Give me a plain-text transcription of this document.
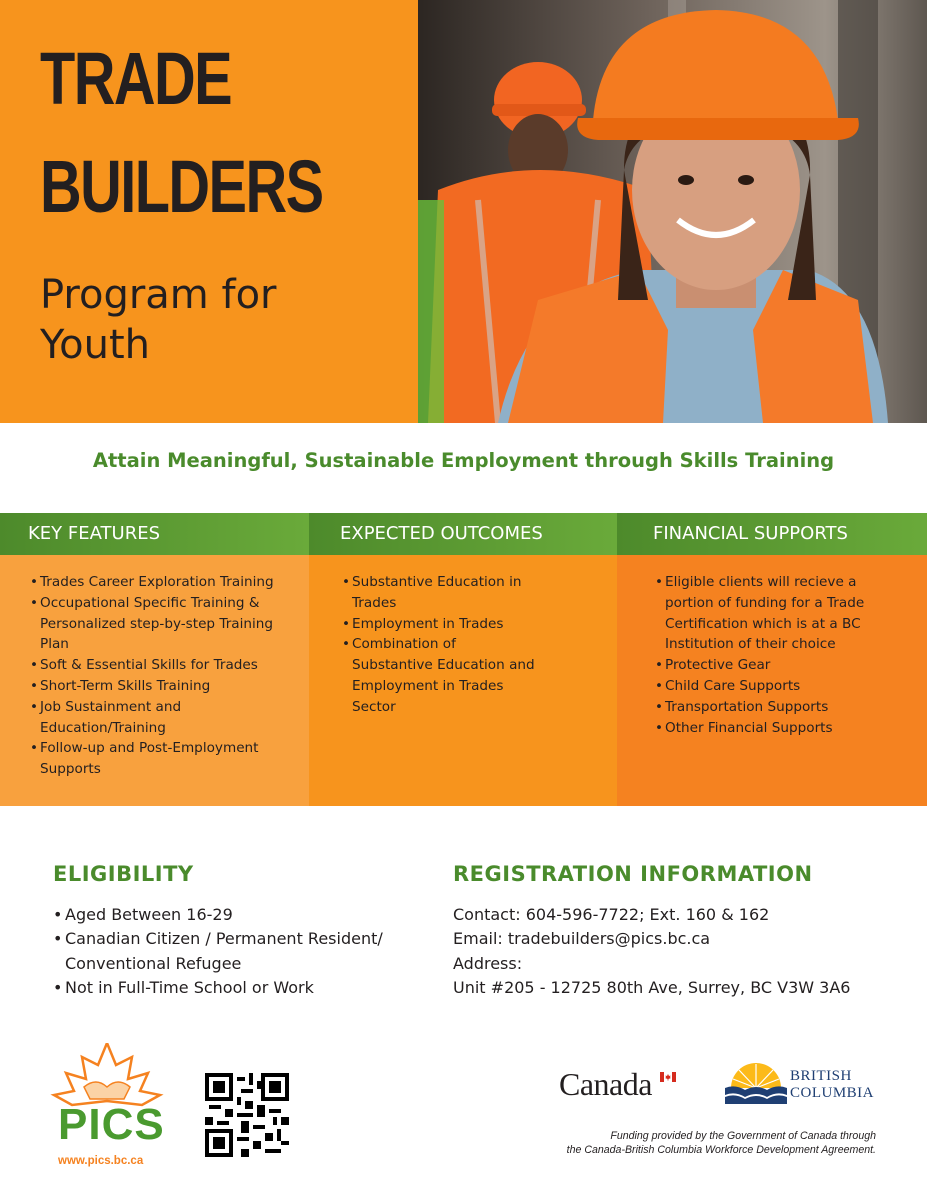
TRADE
BUILDERS
Program for
Youth
Attain Meaningful, Sustainable Employment through Skills Training
KEY FEATURES
• Trades Career Exploration Training
• Occupational Specific Training & Personalized step-by-step Training Plan
• Soft & Essential Skills for Trades
• Short-Term Skills Training
• Job Sustainment and Education/Training
• Follow-up and Post-Employment Supports
EXPECTED OUTCOMES
• Substantive Education in Trades
• Employment in Trades
• Combination of Substantive Education and Employment in Trades Sector
FINANCIAL SUPPORTS
• Eligible clients will recieve a portion of funding for a Trade Certification which is at a BC Institution of their choice
• Protective Gear
• Child Care Supports
• Transportation Supports
• Other Financial Supports
ELIGIBILITY
• Aged Between 16-29
• Canadian Citizen / Permanent Resident/ Conventional Refugee
• Not in Full-Time School or Work
REGISTRATION INFORMATION
Contact: 604-596-7722; Ext. 160 & 162
Email: tradebuilders@pics.bc.ca
Address:
Unit #205 - 12725 80th Ave, Surrey, BC V3W 3A6
PICS
www.pics.bc.ca
Canada	BRITISH
COLUMBIA
Funding provided by the Government of Canada through
the Canada-British Columbia Workforce Development Agreement.
